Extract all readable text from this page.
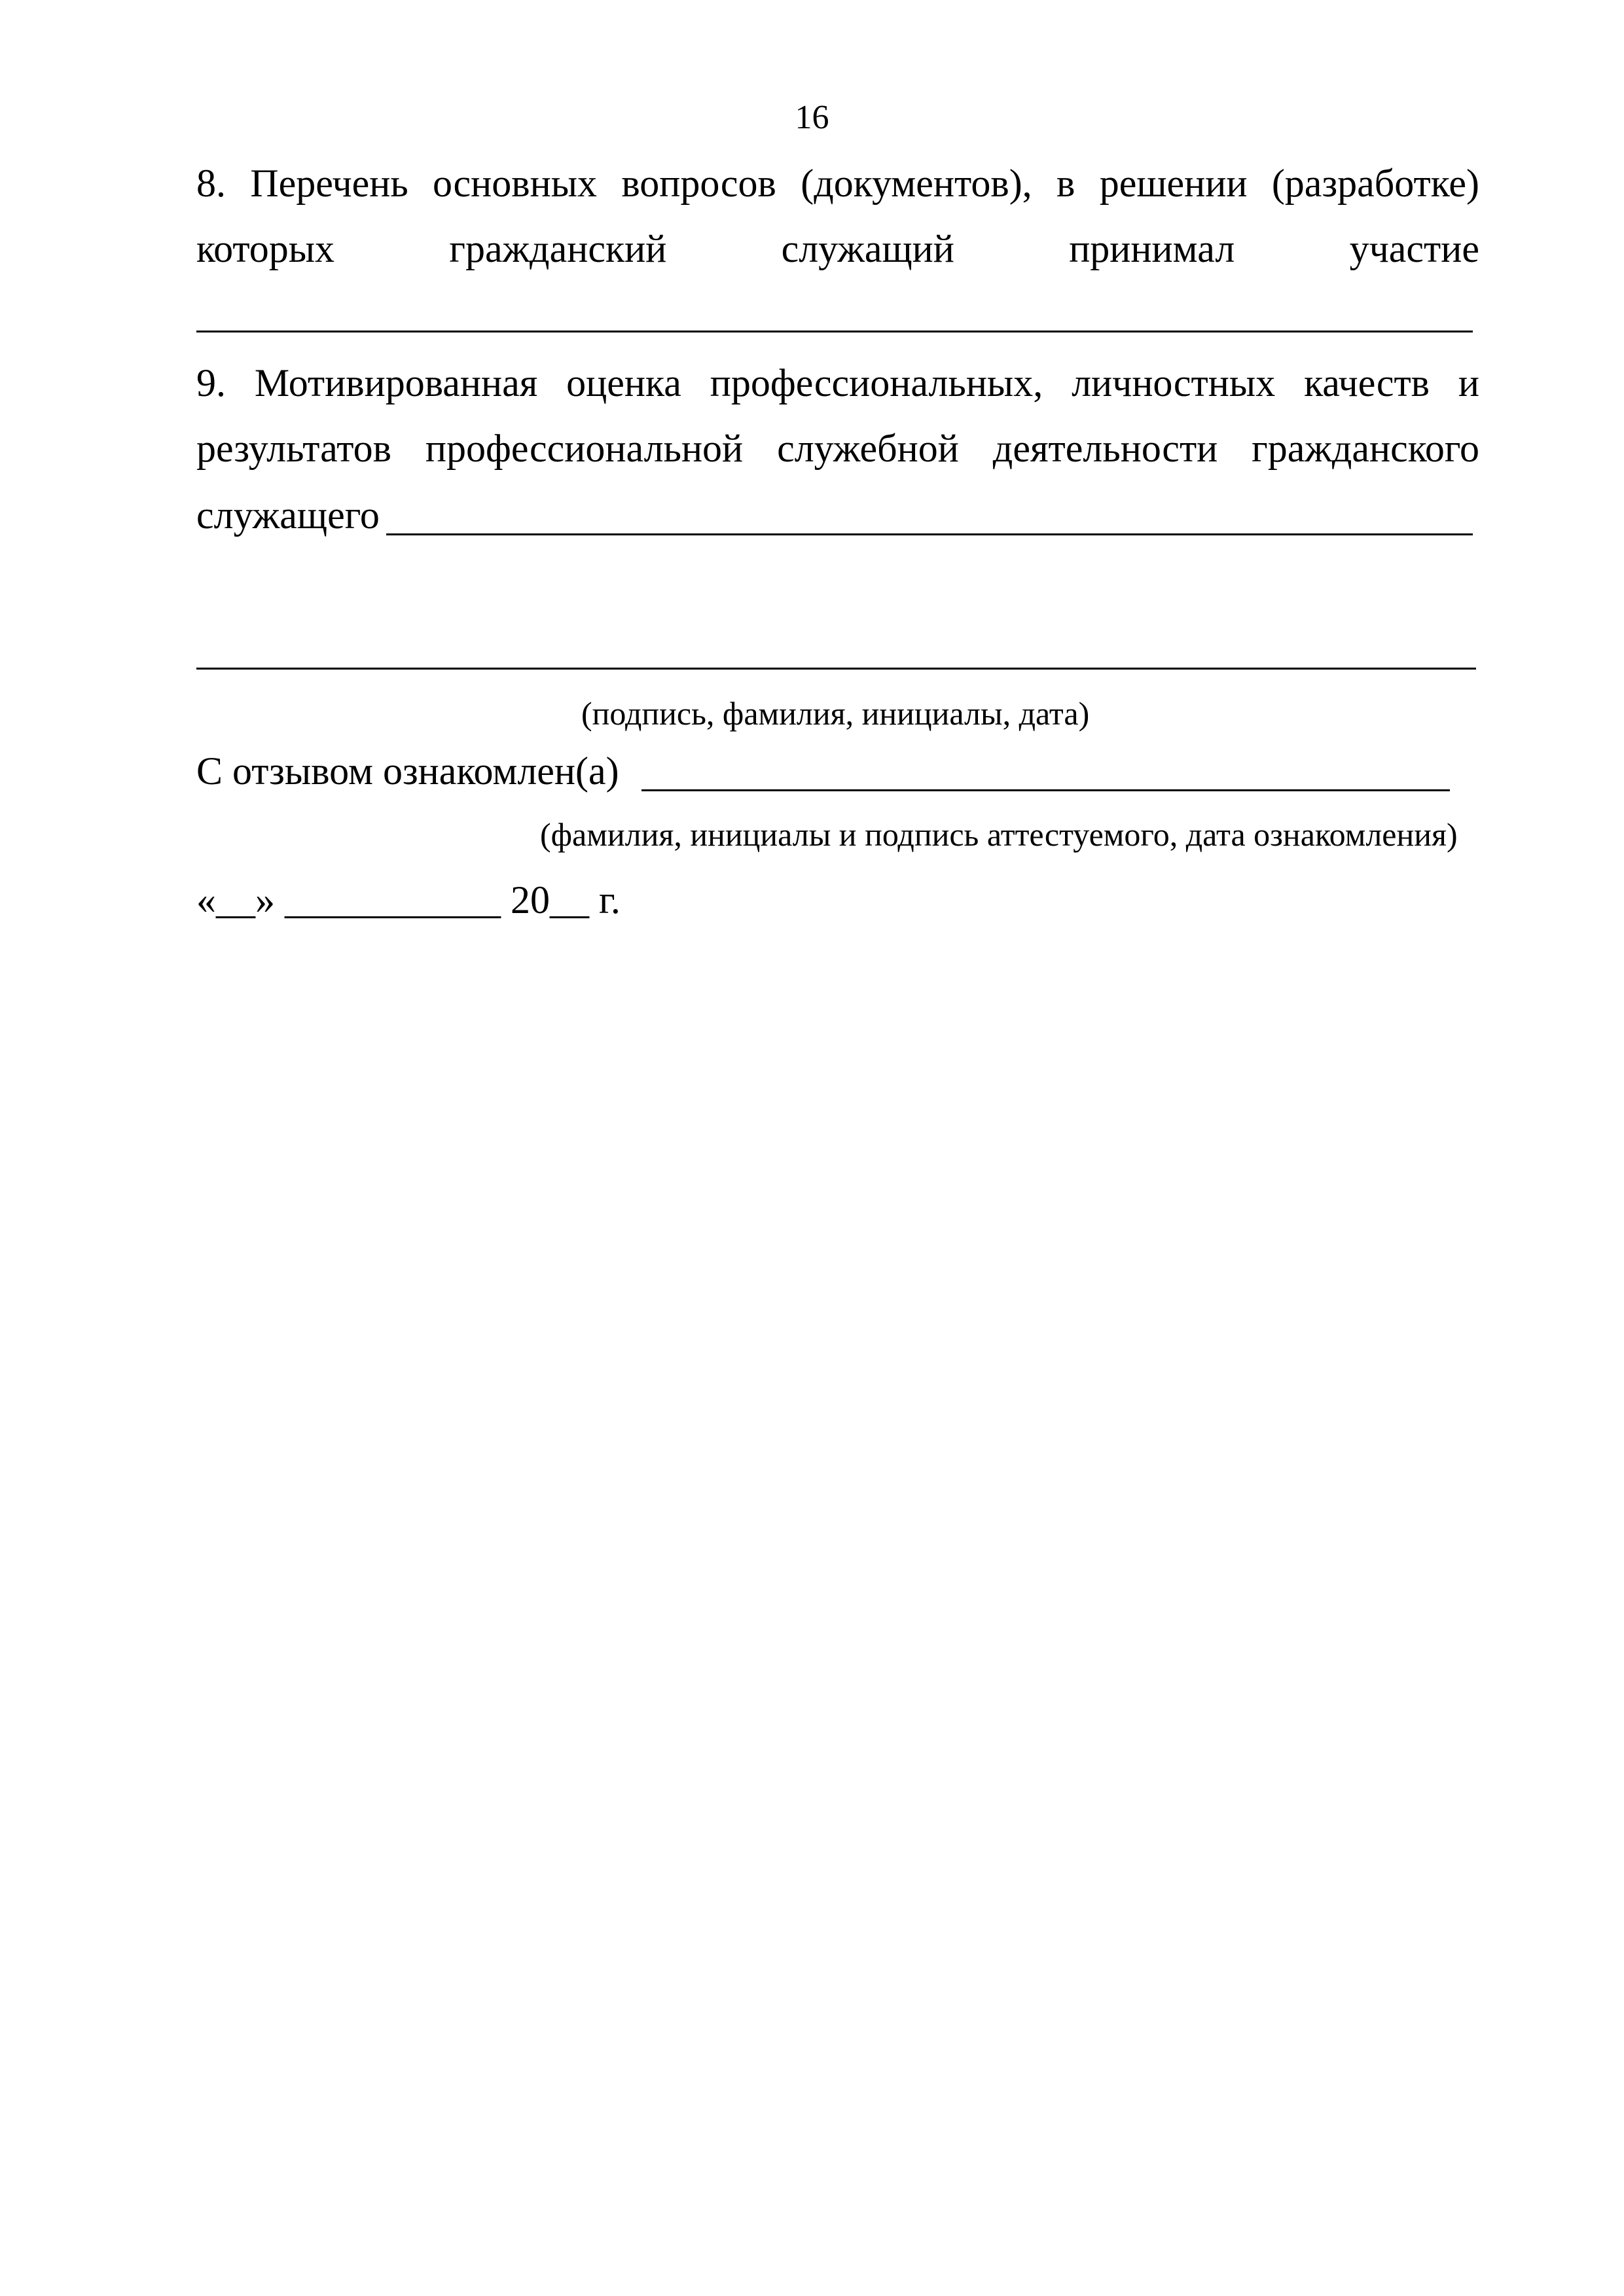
16
8. Перечень основных вопросов (документов), в решении (разработке)
которых гражданский служащий принимал участие
9. Мотивированная оценка профессиональных, личностных качеств и
результатов профессиональной служебной деятельности гражданского
служащего
(подпись, фамилия, инициалы, дата)
С отзывом ознакомлен(а)
(фамилия, инициалы и подпись аттестуемого, дата ознакомления)
«__» ___________ 20__ г.
